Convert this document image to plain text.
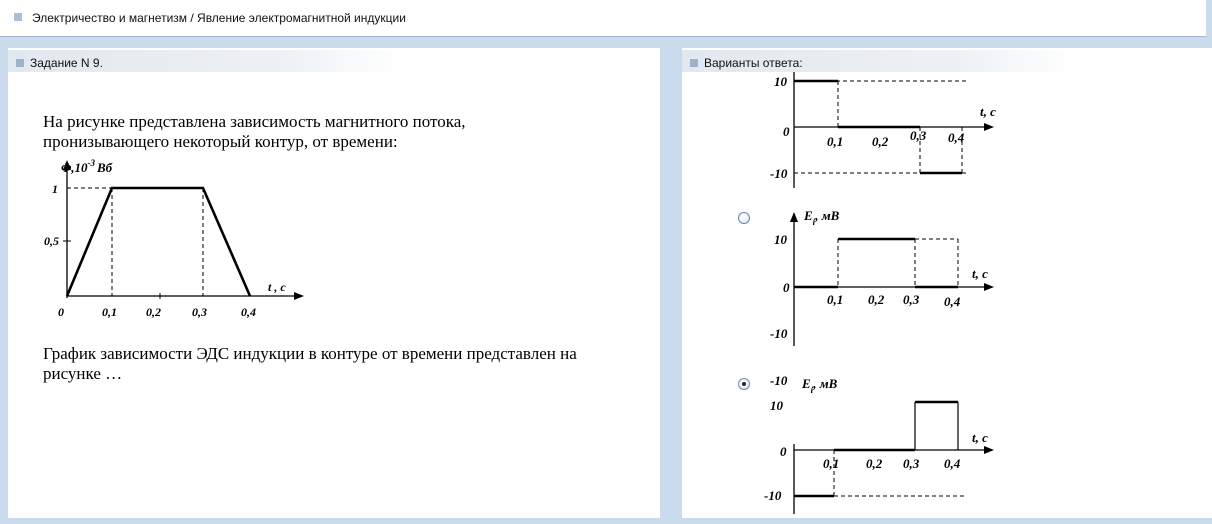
Электричество и магнетизм / Явление электромагнитной индукции
Задание N 9.
На рисунке представлена зависимость магнитного потока,
пронизывающего некоторый контур, от времени:
$\Phi,10^{-3}$ Вб
1
0,5
0	0,1 0,2	0,3	0,4
t , c
График зависимости ЭДС индукции в контуре от времени представлен на
рисунке …
10
0
-10
0,1 0,2 0,3 0,4
t, c
Варианты ответа:
$E_i$, мВ
10
0
-10
0,1 0,2 0,3 0,4
t, c
-10
$E_i$, мВ
10
0
-10
0,1 0,2 0,3 0,4
t, c
